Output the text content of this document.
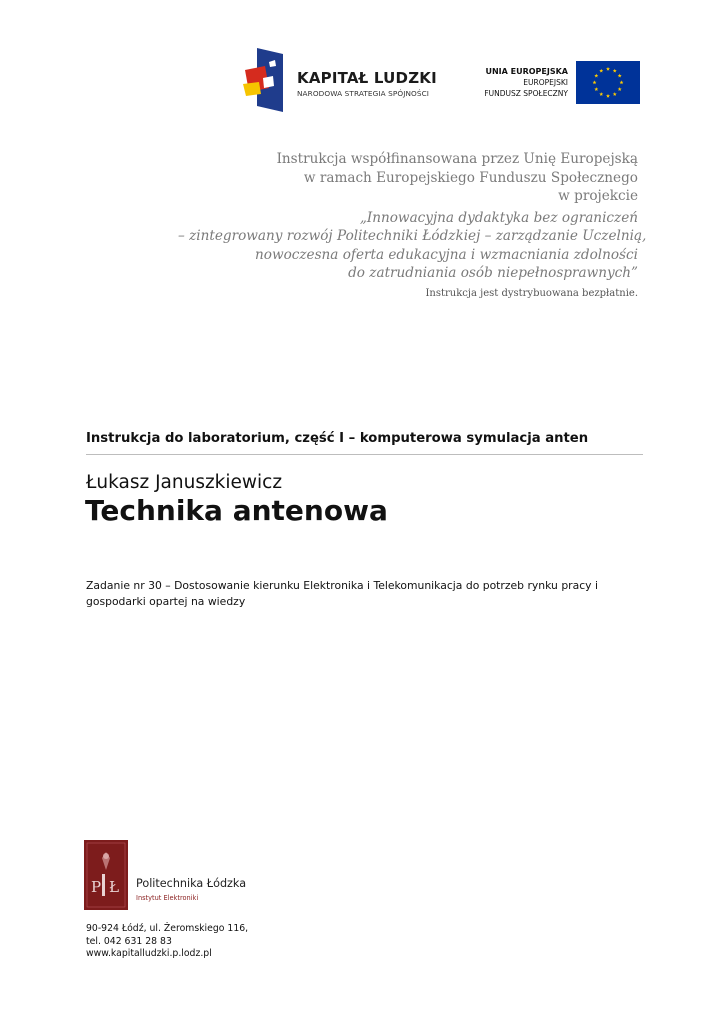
KAPITAŁ LUDZKI
NARODOWA STRATEGIA SPÓJNOŚCI
UNIA EUROPEJSKA
EUROPEJSKI
FUNDUSZ SPOŁECZNY
Instrukcja współfinansowana przez Unię Europejską
w ramach Europejskiego Funduszu Społecznego
w projekcie
„Innowacyjna dydaktyka bez ograniczeń
– zintegrowany rozwój Politechniki Łódzkiej – zarządzanie Uczelnią,
nowoczesna oferta edukacyjna i wzmacniania zdolności
do zatrudniania osób niepełnosprawnych”
Instrukcja jest dystrybuowana bezpłatnie.
Instrukcja do laboratorium, część I – komputerowa symulacja anten
Łukasz Januszkiewicz
Technika antenowa
Zadanie nr 30 – Dostosowanie kierunku Elektronika i Telekomunikacja do potrzeb rynku pracy i gospodarki opartej na wiedzy
P Ł Politechnika Łódzka
Instytut Elektroniki
90-924 Łódź, ul. Żeromskiego 116,
tel. 042 631 28 83
www.kapitalludzki.p.lodz.pl
